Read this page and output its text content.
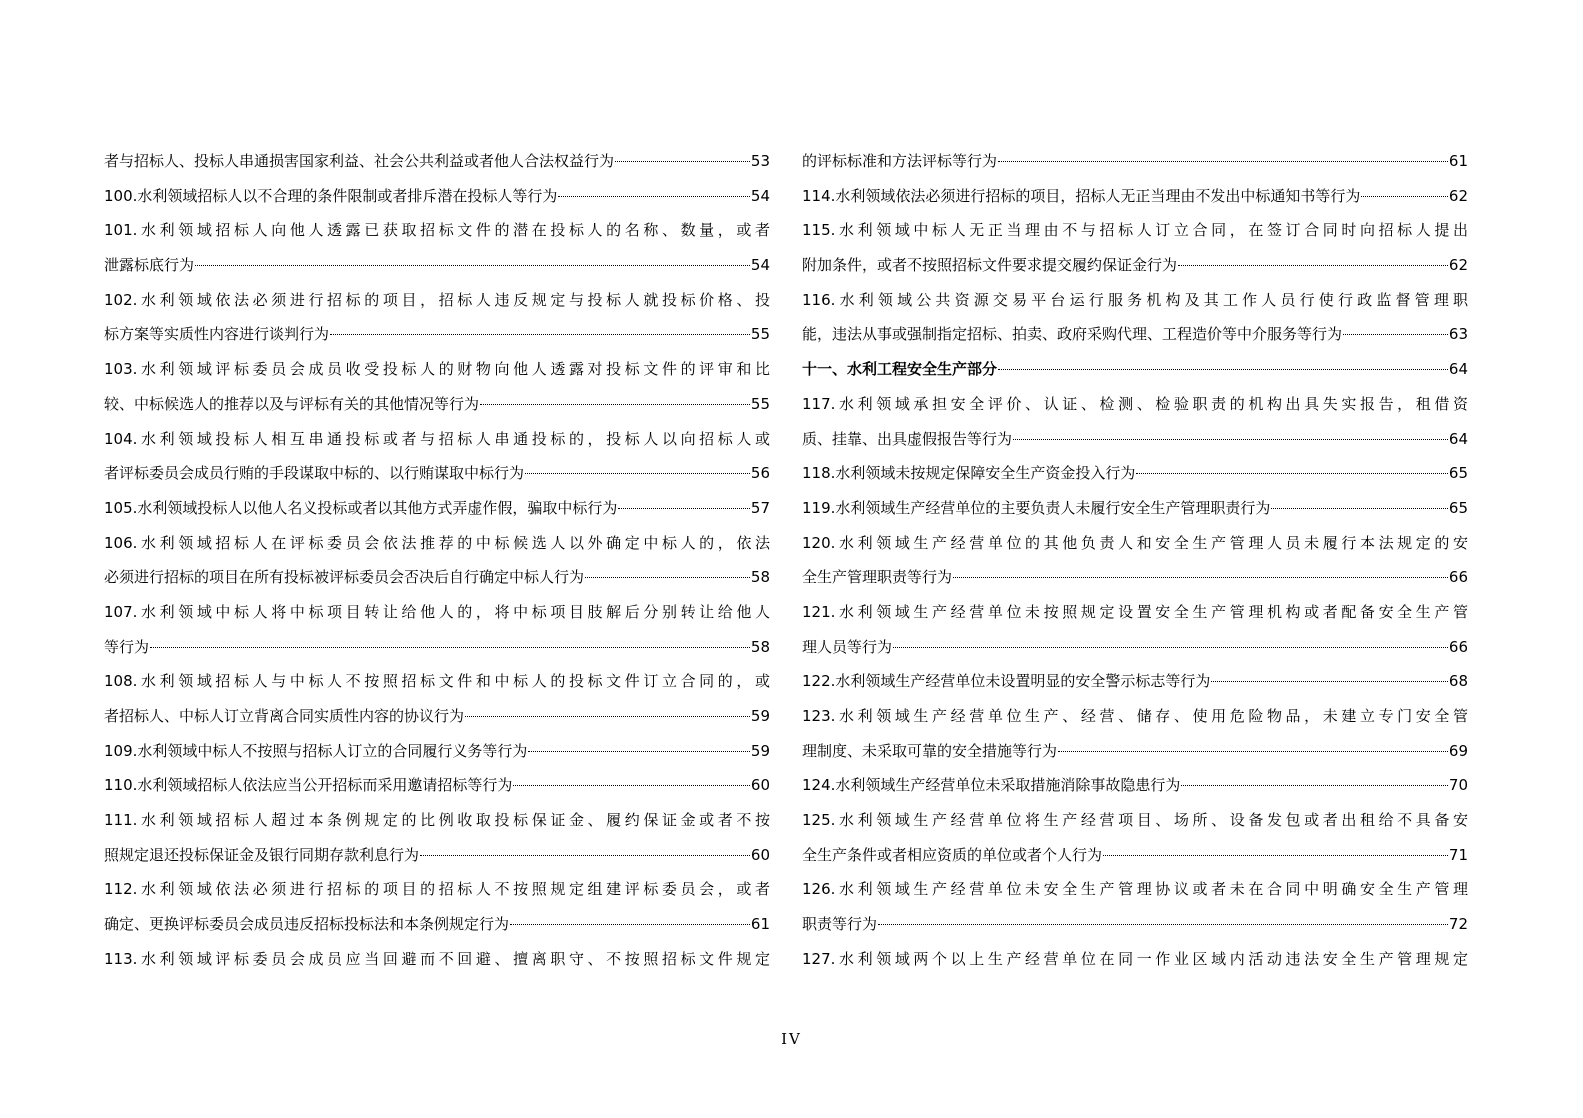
者与招标人、投标人串通损害国家利益、社会公共利益或者他人合法权益行为	53
100.水利领域招标人以不合理的条件限制或者排斥潜在投标人等行为	54
101.水利领域招标人向他人透露已获取招标文件的潜在投标人的名称、数量，或者
泄露标底行为	54
102.水利领域依法必须进行招标的项目，招标人违反规定与投标人就投标价格、投
标方案等实质性内容进行谈判行为	55
103.水利领域评标委员会成员收受投标人的财物向他人透露对投标文件的评审和比
较、中标候选人的推荐以及与评标有关的其他情况等行为	55
104.水利领域投标人相互串通投标或者与招标人串通投标的，投标人以向招标人或
者评标委员会成员行贿的手段谋取中标的、以行贿谋取中标行为	56
105.水利领域投标人以他人名义投标或者以其他方式弄虚作假，骗取中标行为	57
106.水利领域招标人在评标委员会依法推荐的中标候选人以外确定中标人的，依法
必须进行招标的项目在所有投标被评标委员会否决后自行确定中标人行为	58
107.水利领域中标人将中标项目转让给他人的，将中标项目肢解后分别转让给他人
等行为	58
108.水利领域招标人与中标人不按照招标文件和中标人的投标文件订立合同的，或
者招标人、中标人订立背离合同实质性内容的协议行为	59
109.水利领域中标人不按照与招标人订立的合同履行义务等行为	59
110.水利领域招标人依法应当公开招标而采用邀请招标等行为	60
111.水利领域招标人超过本条例规定的比例收取投标保证金、履约保证金或者不按
照规定退还投标保证金及银行同期存款利息行为	60
112.水利领域依法必须进行招标的项目的招标人不按照规定组建评标委员会，或者
确定、更换评标委员会成员违反招标投标法和本条例规定行为	61
113.水利领域评标委员会成员应当回避而不回避、擅离职守、不按照招标文件规定
的评标标准和方法评标等行为	61
114.水利领域依法必须进行招标的项目，招标人无正当理由不发出中标通知书等行为	62
115.水利领域中标人无正当理由不与招标人订立合同，在签订合同时向招标人提出
附加条件，或者不按照招标文件要求提交履约保证金行为	62
116.水利领域公共资源交易平台运行服务机构及其工作人员行使行政监督管理职
能，违法从事或强制指定招标、拍卖、政府采购代理、工程造价等中介服务等行为	63
十一、水利工程安全生产部分	64
117.水利领域承担安全评价、认证、检测、检验职责的机构出具失实报告，租借资
质、挂靠、出具虚假报告等行为	64
118.水利领域未按规定保障安全生产资金投入行为	65
119.水利领域生产经营单位的主要负责人未履行安全生产管理职责行为	65
120.水利领域生产经营单位的其他负责人和安全生产管理人员未履行本法规定的安
全生产管理职责等行为	66
121.水利领域生产经营单位未按照规定设置安全生产管理机构或者配备安全生产管
理人员等行为	66
122.水利领域生产经营单位未设置明显的安全警示标志等行为	68
123.水利领域生产经营单位生产、经营、储存、使用危险物品，未建立专门安全管
理制度、未采取可靠的安全措施等行为	69
124.水利领域生产经营单位未采取措施消除事故隐患行为	70
125.水利领域生产经营单位将生产经营项目、场所、设备发包或者出租给不具备安
全生产条件或者相应资质的单位或者个人行为	71
126.水利领域生产经营单位未安全生产管理协议或者未在合同中明确安全生产管理
职责等行为	72
127.水利领域两个以上生产经营单位在同一作业区域内活动违法安全生产管理规定
IV
